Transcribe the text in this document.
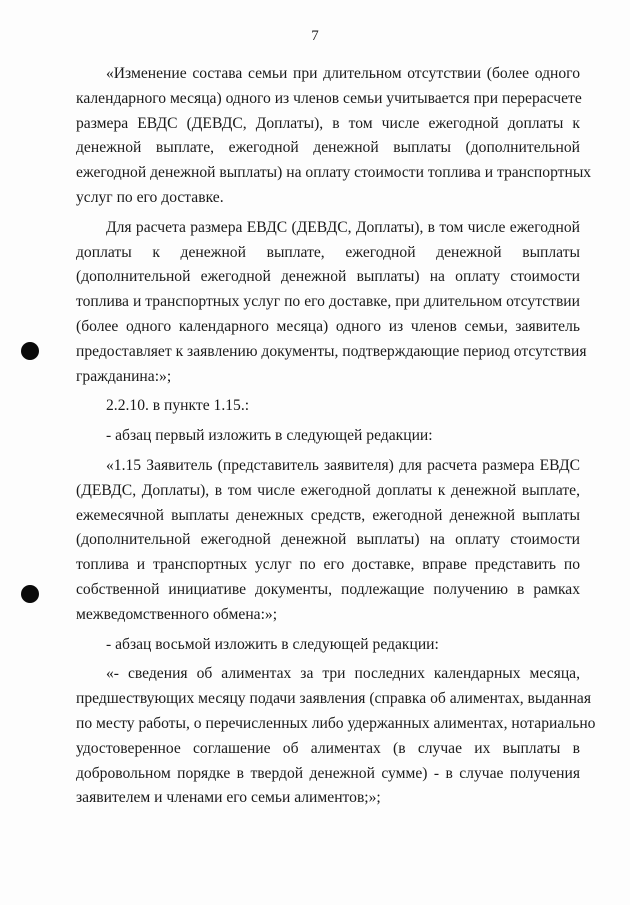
7
«Изменение состава семьи при длительном отсутствии (более одного
календарного месяца) одного из членов семьи учитывается при перерасчете
размера ЕВДС (ДЕВДС, Доплаты), в том числе ежегодной доплаты к
денежной выплате, ежегодной денежной выплаты (дополнительной
ежегодной денежной выплаты) на оплату стоимости топлива и транспортных
услуг по его доставке.
Для расчета размера ЕВДС (ДЕВДС, Доплаты), в том числе ежегодной
доплаты к денежной выплате, ежегодной денежной выплаты
(дополнительной ежегодной денежной выплаты) на оплату стоимости
топлива и транспортных услуг по его доставке, при длительном отсутствии
(более одного календарного месяца) одного из членов семьи, заявитель
предоставляет к заявлению документы, подтверждающие период отсутствия
гражданина:»;
2.2.10. в пункте 1.15.:
- абзац первый изложить в следующей редакции:
«1.15 Заявитель (представитель заявителя) для расчета размера ЕВДС
(ДЕВДС, Доплаты), в том числе ежегодной доплаты к денежной выплате,
ежемесячной выплаты денежных средств, ежегодной денежной выплаты
(дополнительной ежегодной денежной выплаты) на оплату стоимости
топлива и транспортных услуг по его доставке, вправе представить по
собственной инициативе документы, подлежащие получению в рамках
межведомственного обмена:»;
- абзац восьмой изложить в следующей редакции:
«- сведения об алиментах за три последних календарных месяца,
предшествующих месяцу подачи заявления (справка об алиментах, выданная
по месту работы, о перечисленных либо удержанных алиментах, нотариально
удостоверенное соглашение об алиментах (в случае их выплаты в
добровольном порядке в твердой денежной сумме) - в случае получения
заявителем и членами его семьи алиментов;»;
